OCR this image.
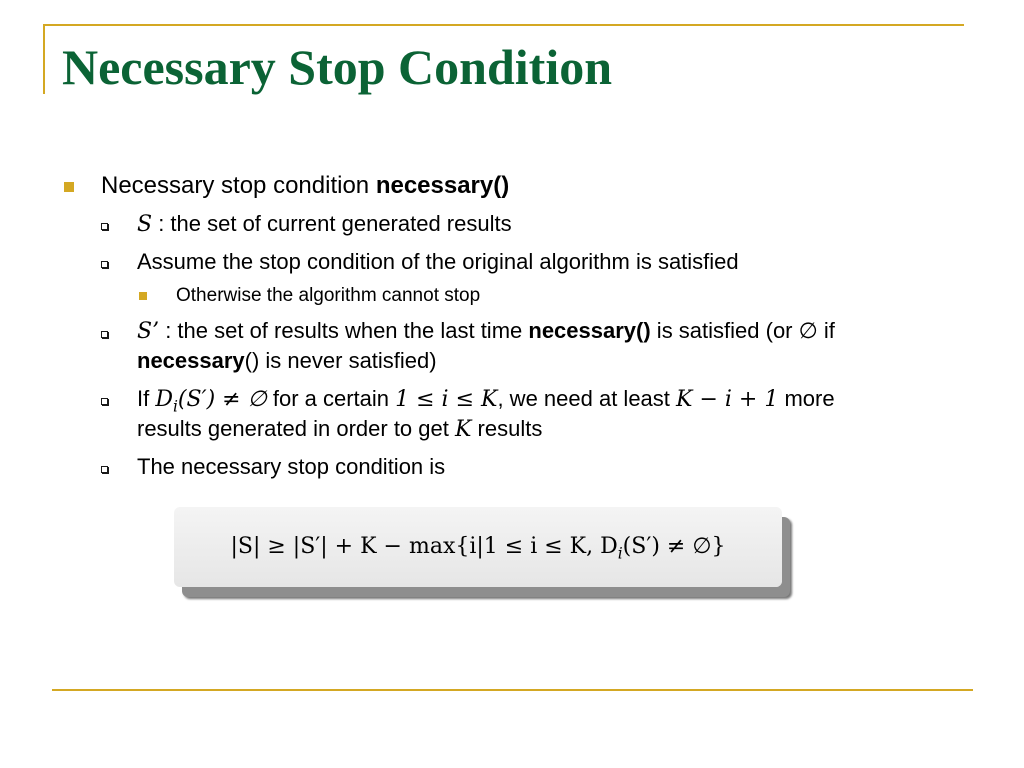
Necessary Stop Condition
Necessary stop condition necessary()
S : the set of current generated results
Assume the stop condition of the original algorithm is satisfied
Otherwise the algorithm cannot stop
S’ : the set of results when the last time necessary() is satisfied (or ∅ if
necessary() is never satisfied)
If $D_i(S')$ ≠ ∅ for a certain 1 ≤ i ≤ K, we need at least K − i + 1 more
results generated in order to get K results
The necessary stop condition is
|S| ≥ |S′| + K − max{i|1 ≤ i ≤ K, $D_i(S')$ ≠ ∅}
